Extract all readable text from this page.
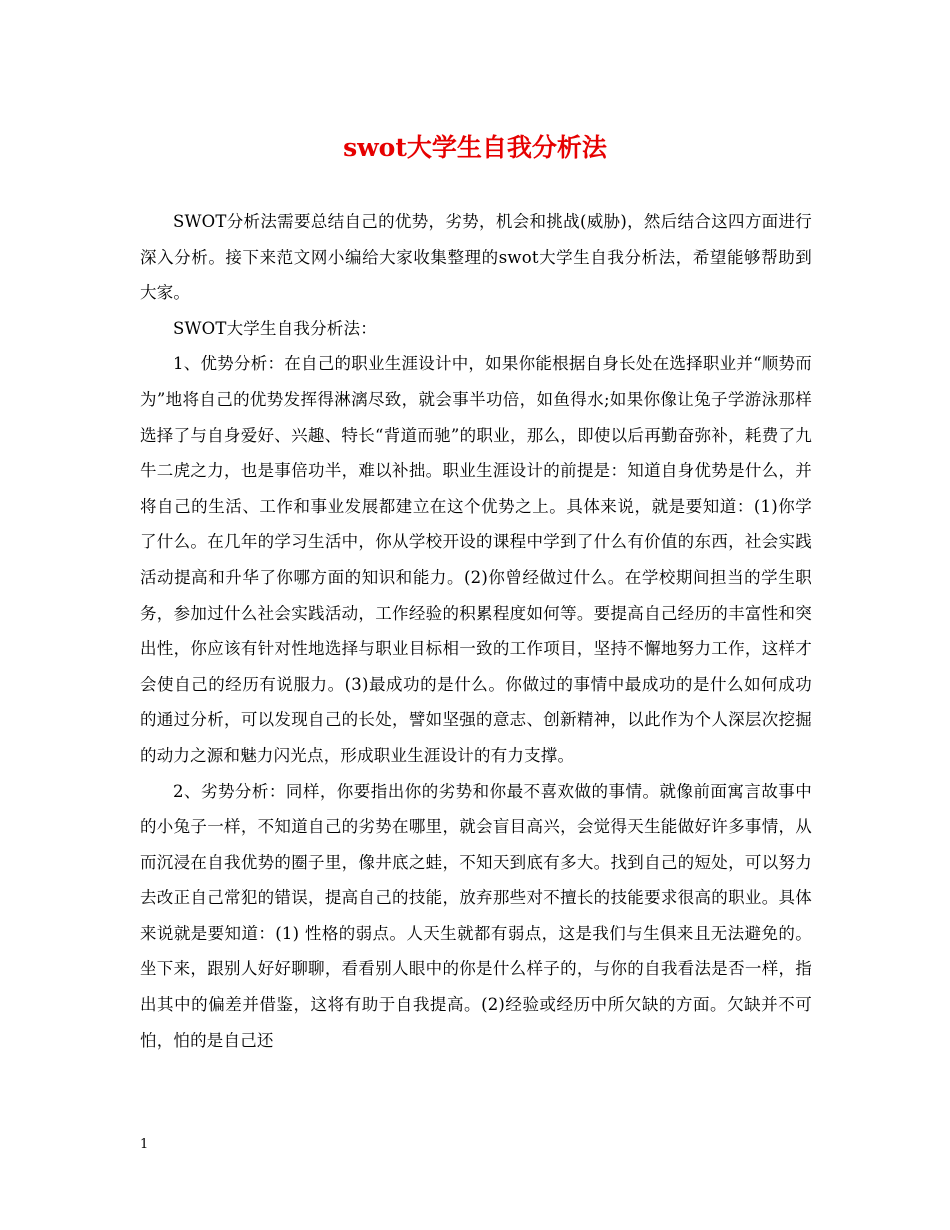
swot大学生自我分析法

SWOT分析法需要总结自己的优势，劣势，机会和挑战(威胁)，然后结合这四方面进行深入分析。接下来范文网小编给大家收集整理的swot大学生自我分析法，希望能够帮助到大家。

SWOT大学生自我分析法：

1、优势分析：在自己的职业生涯设计中，如果你能根据自身长处在选择职业并“顺势而为”地将自己的优势发挥得淋漓尽致，就会事半功倍，如鱼得水;如果你像让兔子学游泳那样选择了与自身爱好、兴趣、特长“背道而驰”的职业，那么，即使以后再勤奋弥补，耗费了九牛二虎之力，也是事倍功半，难以补拙。职业生涯设计的前提是：知道自身优势是什么，并将自己的生活、工作和事业发展都建立在这个优势之上。具体来说，就是要知道：(1)你学了什么。在几年的学习生活中，你从学校开设的课程中学到了什么有价值的东西，社会实践活动提高和升华了你哪方面的知识和能力。(2)你曾经做过什么。在学校期间担当的学生职务，参加过什么社会实践活动，工作经验的积累程度如何等。要提高自己经历的丰富性和突出性，你应该有针对性地选择与职业目标相一致的工作项目，坚持不懈地努力工作，这样才会使自己的经历有说服力。(3)最成功的是什么。你做过的事情中最成功的是什么如何成功的通过分析，可以发现自己的长处，譬如坚强的意志、创新精神，以此作为个人深层次挖掘的动力之源和魅力闪光点，形成职业生涯设计的有力支撑。

2、劣势分析：同样，你要指出你的劣势和你最不喜欢做的事情。就像前面寓言故事中的小兔子一样，不知道自己的劣势在哪里，就会盲目高兴，会觉得天生能做好许多事情，从而沉浸在自我优势的圈子里，像井底之蛙，不知天到底有多大。找到自己的短处，可以努力去改正自己常犯的错误，提高自己的技能，放弃那些对不擅长的技能要求很高的职业。具体来说就是要知道：(1) 性格的弱点。人天生就都有弱点，这是我们与生俱来且无法避免的。坐下来，跟别人好好聊聊，看看别人眼中的你是什么样子的，与你的自我看法是否一样，指出其中的偏差并借鉴，这将有助于自我提高。(2)经验或经历中所欠缺的方面。欠缺并不可怕，怕的是自己还

1
